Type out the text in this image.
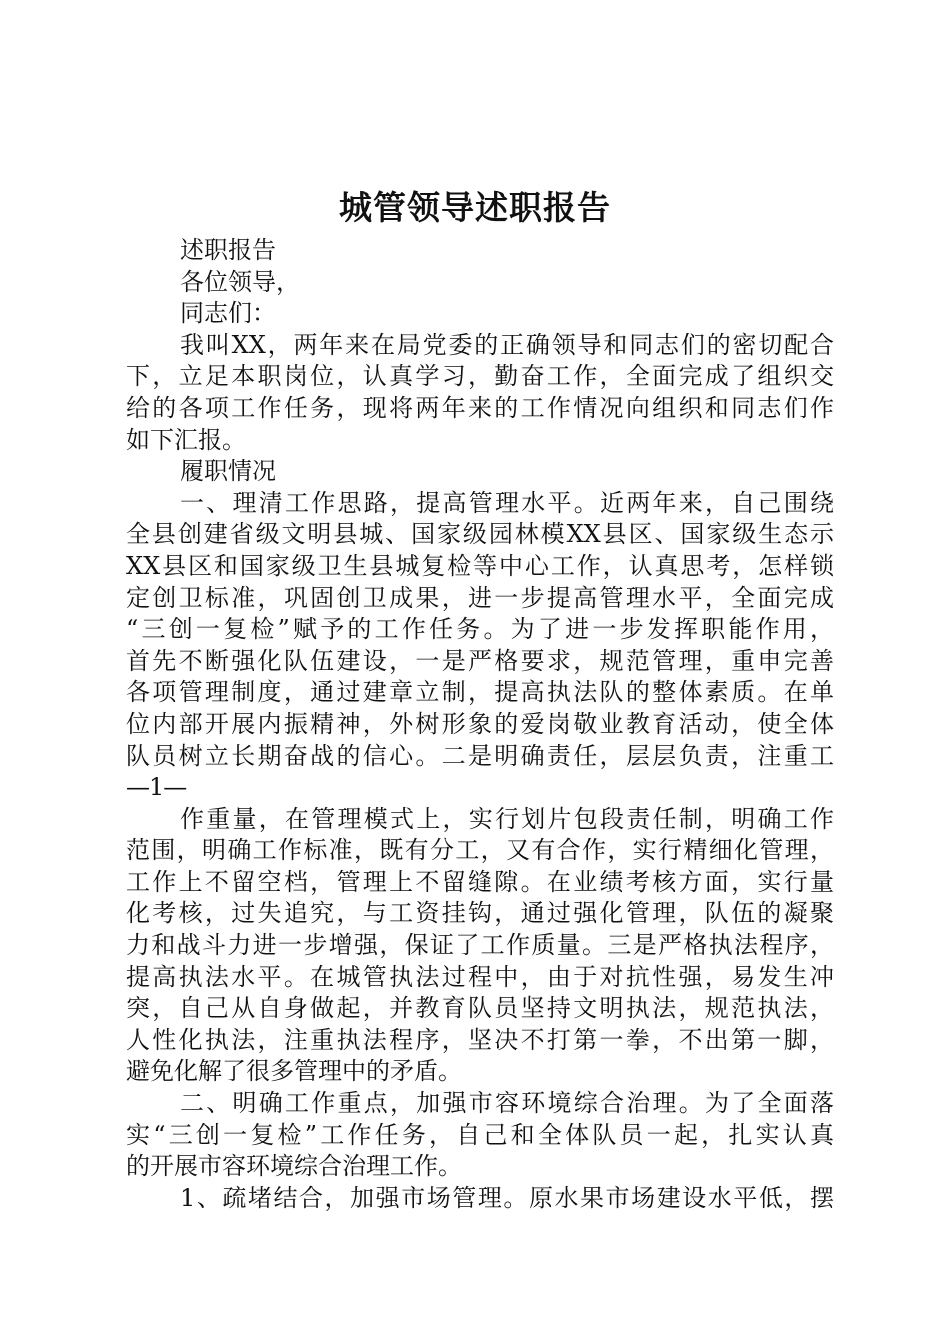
城管领导述职报告
述职报告
各位领导，
同志们：
我叫XX，两年来在局党委的正确领导和同志们的密切配合
下，立足本职岗位，认真学习，勤奋工作，全面完成了组织交
给的各项工作任务，现将两年来的工作情况向组织和同志们作
如下汇报。
履职情况
一、理清工作思路，提高管理水平。近两年来，自己围绕
全县创建省级文明县城、国家级园林模XX县区、国家级生态示
XX县区和国家级卫生县城复检等中心工作，认真思考，怎样锁
定创卫标准，巩固创卫成果，进一步提高管理水平，全面完成
“三创一复检”赋予的工作任务。为了进一步发挥职能作用，
首先不断强化队伍建设，一是严格要求，规范管理，重申完善
各项管理制度，通过建章立制，提高执法队的整体素质。在单
位内部开展内振精神，外树形象的爱岗敬业教育活动，使全体
队员树立长期奋战的信心。二是明确责任，层层负责，注重工
—1—
作重量，在管理模式上，实行划片包段责任制，明确工作
范围，明确工作标准，既有分工，又有合作，实行精细化管理，
工作上不留空档，管理上不留缝隙。在业绩考核方面，实行量
化考核，过失追究，与工资挂钩，通过强化管理，队伍的凝聚
力和战斗力进一步增强，保证了工作质量。三是严格执法程序，
提高执法水平。在城管执法过程中，由于对抗性强，易发生冲
突，自己从自身做起，并教育队员坚持文明执法，规范执法，
人性化执法，注重执法程序，坚决不打第一拳，不出第一脚，
避免化解了很多管理中的矛盾。
二、明确工作重点，加强市容环境综合治理。为了全面落
实“三创一复检”工作任务，自己和全体队员一起，扎实认真
的开展市容环境综合治理工作。
1、疏堵结合，加强市场管理。原水果市场建设水平低，摆
